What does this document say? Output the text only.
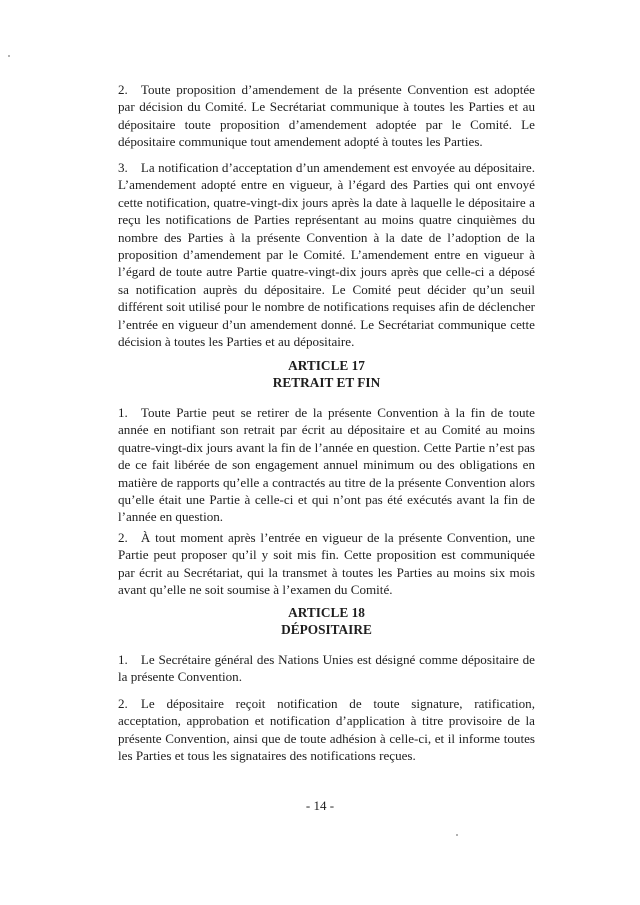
2. Toute proposition d’amendement de la présente Convention est adoptée par décision du Comité. Le Secrétariat communique à toutes les Parties et au dépositaire toute proposition d’amendement adoptée par le Comité. Le dépositaire communique tout amendement adopté à toutes les Parties.

3. La notification d’acceptation d’un amendement est envoyée au dépositaire. L’amendement adopté entre en vigueur, à l’égard des Parties qui ont envoyé cette notification, quatre-vingt-dix jours après la date à laquelle le dépositaire a reçu les notifications de Parties représentant au moins quatre cinquièmes du nombre des Parties à la présente Convention à la date de l’adoption de la proposition d’amendement par le Comité. L’amendement entre en vigueur à l’égard de toute autre Partie quatre-vingt-dix jours après que celle-ci a déposé sa notification auprès du dépositaire. Le Comité peut décider qu’un seuil différent soit utilisé pour le nombre de notifications requises afin de déclencher l’entrée en vigueur d’un amendement donné. Le Secrétariat communique cette décision à toutes les Parties et au dépositaire.

ARTICLE 17
RETRAIT ET FIN

1. Toute Partie peut se retirer de la présente Convention à la fin de toute année en notifiant son retrait par écrit au dépositaire et au Comité au moins quatre-vingt-dix jours avant la fin de l’année en question. Cette Partie n’est pas de ce fait libérée de son engagement annuel minimum ou des obligations en matière de rapports qu’elle a contractés au titre de la présente Convention alors qu’elle était une Partie à celle-ci et qui n’ont pas été exécutés avant la fin de l’année en question.

2. À tout moment après l’entrée en vigueur de la présente Convention, une Partie peut proposer qu’il y soit mis fin. Cette proposition est communiquée par écrit au Secrétariat, qui la transmet à toutes les Parties au moins six mois avant qu’elle ne soit soumise à l’examen du Comité.

ARTICLE 18
DÉPOSITAIRE

1. Le Secrétaire général des Nations Unies est désigné comme dépositaire de la présente Convention.

2. Le dépositaire reçoit notification de toute signature, ratification, acceptation, approbation et notification d’application à titre provisoire de la présente Convention, ainsi que de toute adhésion à celle-ci, et il informe toutes les Parties et tous les signataires des notifications reçues.

- 14 -
